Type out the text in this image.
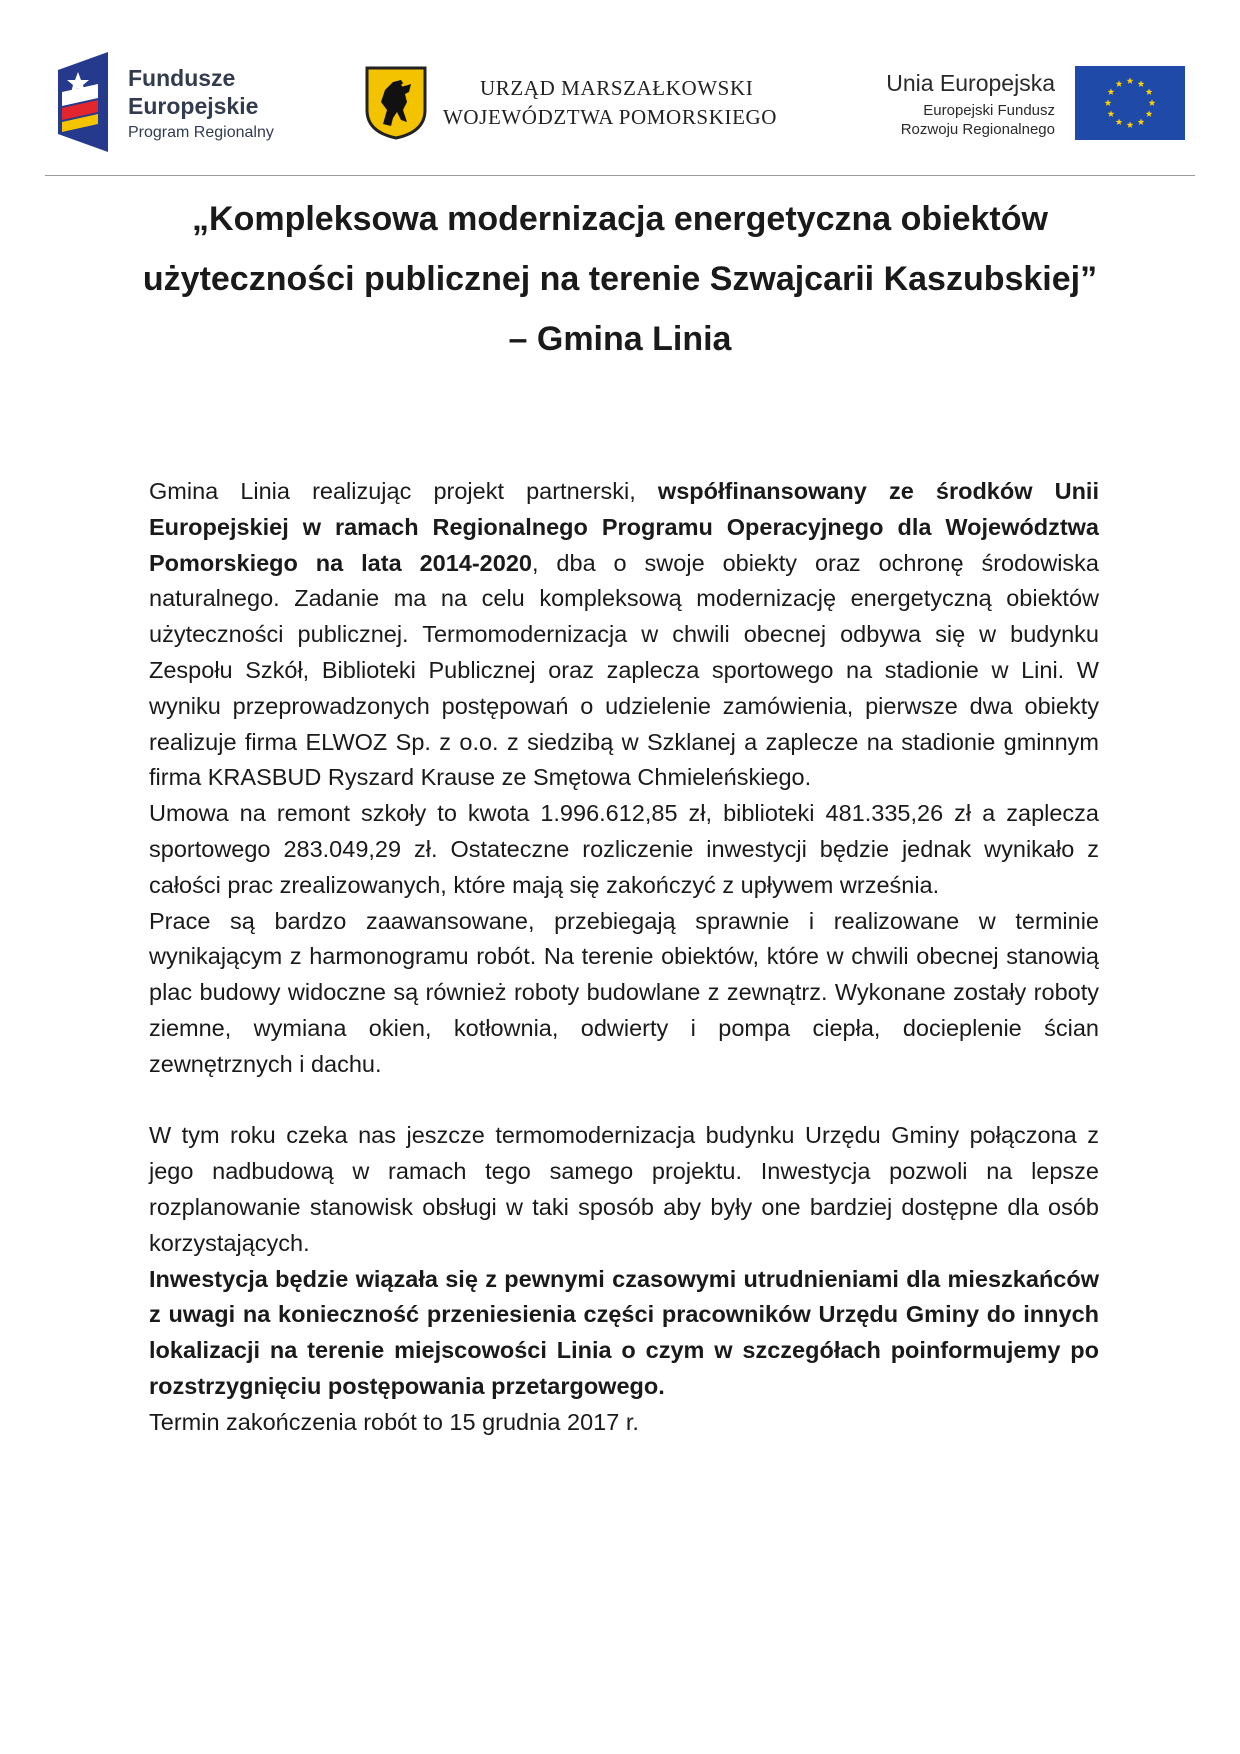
Fundusze
Europejskie
Program Regionalny
URZĄD MARSZAŁKOWSKI
WOJEWÓDZTWA POMORSKIEGO
Unia Europejska
Europejski Fundusz
Rozwoju Regionalnego
„Kompleksowa modernizacja energetyczna obiektów użyteczności publicznej na terenie Szwajcarii Kaszubskiej” – Gmina Linia

Gmina Linia realizując projekt partnerski, współfinansowany ze środków Unii Europejskiej w ramach Regionalnego Programu Operacyjnego dla Województwa Pomorskiego na lata 2014-2020, dba o swoje obiekty oraz ochronę środowiska naturalnego. Zadanie ma na celu kompleksową modernizację energetyczną obiektów użyteczności publicznej. Termomodernizacja w chwili obecnej odbywa się w budynku Zespołu Szkół, Biblioteki Publicznej oraz zaplecza sportowego na stadionie w Lini. W wyniku przeprowadzonych postępowań o udzielenie zamówienia, pierwsze dwa obiekty realizuje firma ELWOZ Sp. z o.o. z siedzibą w Szklanej a zaplecze na stadionie gminnym firma KRASBUD Ryszard Krause ze Smętowa Chmieleńskiego.

Umowa na remont szkoły to kwota 1.996.612,85 zł, biblioteki 481.335,26 zł a zaplecza sportowego 283.049,29 zł. Ostateczne rozliczenie inwestycji będzie jednak wynikało z całości prac zrealizowanych, które mają się zakończyć z upływem września.

Prace są bardzo zaawansowane, przebiegają sprawnie i realizowane w terminie wynikającym z harmonogramu robót. Na terenie obiektów, które w chwili obecnej stanowią plac budowy widoczne są również roboty budowlane z zewnątrz. Wykonane zostały roboty ziemne, wymiana okien, kotłownia, odwierty i pompa ciepła, docieplenie ścian zewnętrznych i dachu.

W tym roku czeka nas jeszcze termomodernizacja budynku Urzędu Gminy połączona z jego nadbudową w ramach tego samego projektu. Inwestycja pozwoli na lepsze rozplanowanie stanowisk obsługi w taki sposób aby były one bardziej dostępne dla osób korzystających.

Inwestycja będzie wiązała się z pewnymi czasowymi utrudnieniami dla mieszkańców z uwagi na konieczność przeniesienia części pracowników Urzędu Gminy do innych lokalizacji na terenie miejscowości Linia o czym w szczegółach poinformujemy po rozstrzygnięciu postępowania przetargowego.

Termin zakończenia robót to 15 grudnia 2017 r.
